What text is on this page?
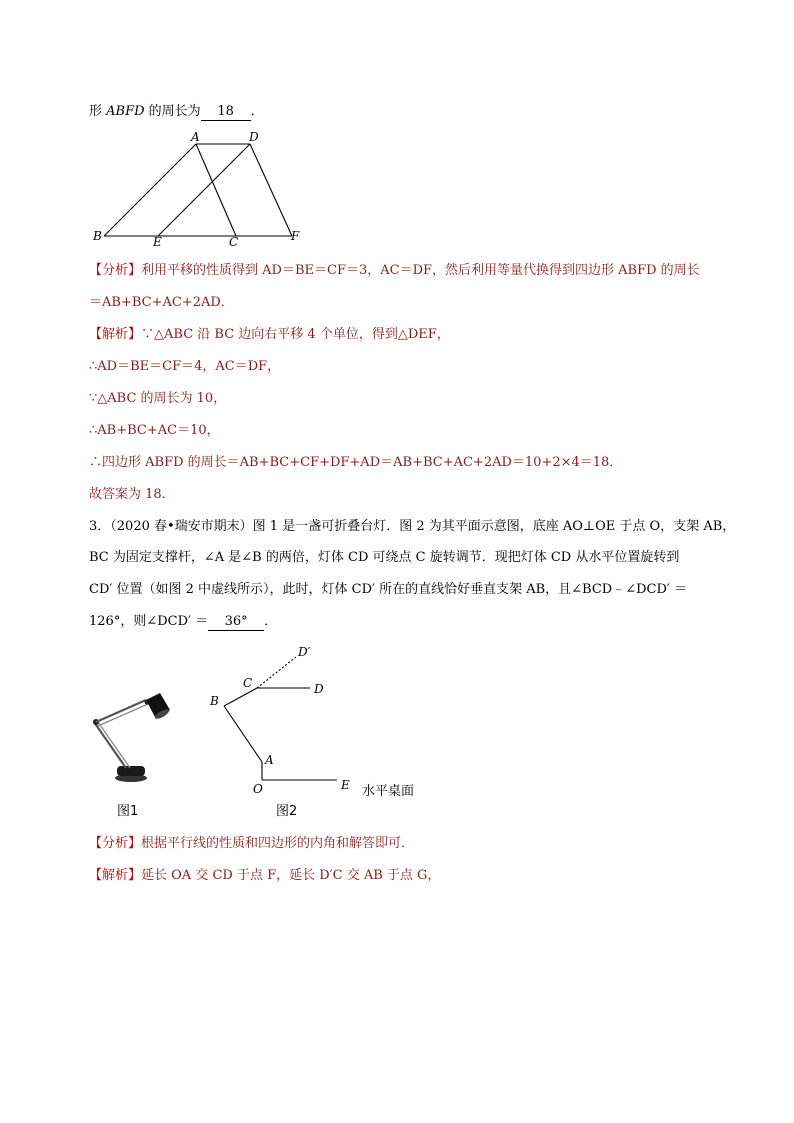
形 ABFD 的周长为 18 ．
A	D
B	E	C	F
【分析】利用平移的性质得到 AD＝BE＝CF＝3，AC＝DF，然后利用等量代换得到四边形 ABFD 的周长
＝AB+BC+AC+2AD．
【解析】∵△ABC 沿 BC 边向右平移 4 个单位，得到△DEF，
∴AD＝BE＝CF＝4，AC＝DF，
∵△ABC 的周长为 10，
∴AB+BC+AC＝10，
∴四边形 ABFD 的周长＝AB+BC+CF+DF+AD＝AB+BC+AC+2AD＝10+2×4＝18．
故答案为 18．
3．（2020 春•瑞安市期末）图 1 是一盏可折叠台灯．图 2 为其平面示意图，底座 AO⊥OE 于点 O，支架 AB，
BC 为固定支撑杆，∠A 是∠B 的两倍，灯体 CD 可绕点 C 旋转调节．现把灯体 CD 从水平位置旋转到
CD′ 位置（如图 2 中虚线所示），此时，灯体 CD′ 所在的直线恰好垂直支架 AB，且∠BCD﹣∠DCD′ ＝
126°，则∠DCD′ ＝ 36° ．
图1
D′
C	D
B
A
O	E 水平桌面
图2
【分析】根据平行线的性质和四边形的内角和解答即可．
【解析】延长 OA 交 CD 于点 F，延长 D′C 交 AB 于点 G，
